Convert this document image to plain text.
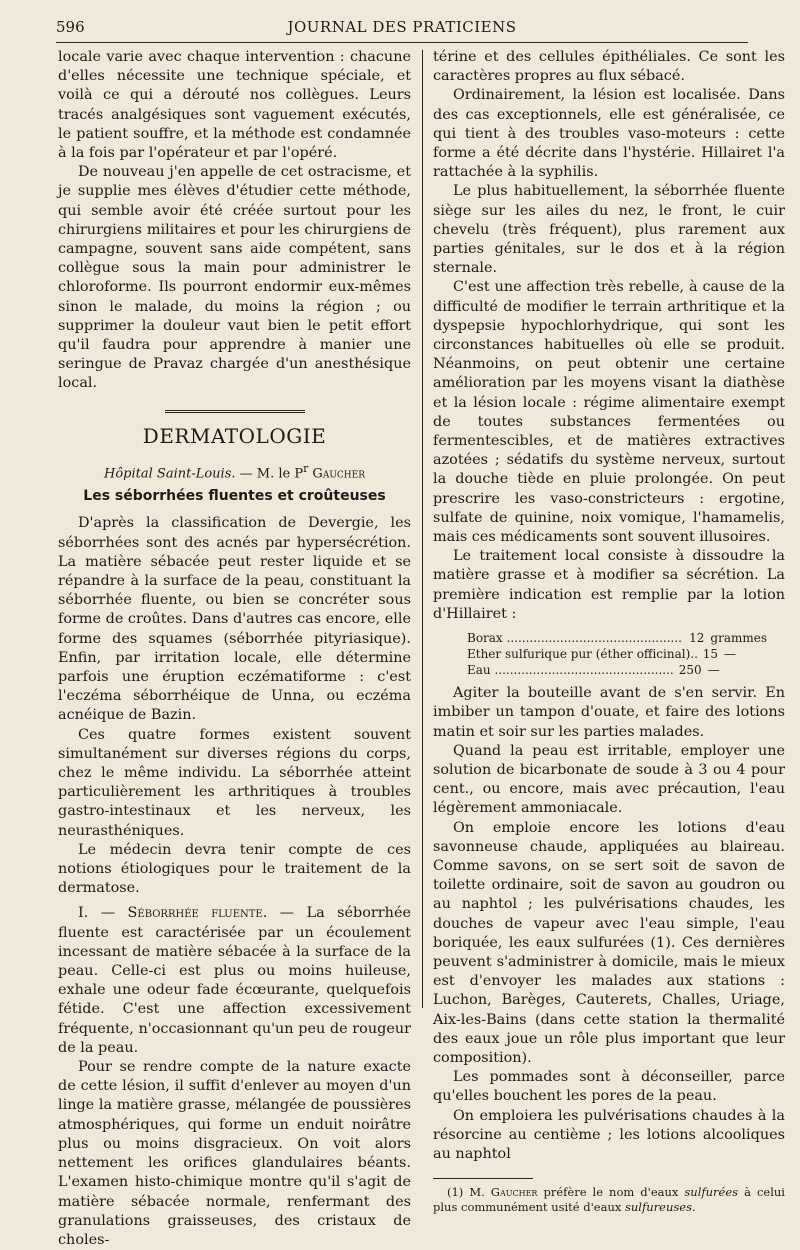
596	JOURNAL DES PRATICIENS

locale varie avec chaque intervention : chacune d'elles nécessite une technique spéciale, et voilà ce qui a dérouté nos collègues. Leurs tracés analgésiques sont vaguement exécutés, le patient souffre, et la méthode est condamnée à la fois par l'opérateur et par l'opéré.

De nouveau j'en appelle de cet ostracisme, et je supplie mes élèves d'étudier cette méthode, qui semble avoir été créée surtout pour les chirurgiens militaires et pour les chirurgiens de campagne, souvent sans aide compétent, sans collègue sous la main pour administrer le chloroforme. Ils pourront endormir eux-mêmes sinon le malade, du moins la région ; ou supprimer la douleur vaut bien le petit effort qu'il faudra pour apprendre à manier une seringue de Pravaz chargée d'un anesthésique local.

DERMATOLOGIE
Hôpital Saint-Louis. — M. le $P^r$ Gaucher
Les séborrhées fluentes et croûteuses

D'après la classification de Devergie, les séborrhées sont des acnés par hypersécrétion. La matière sébacée peut rester liquide et se répandre à la surface de la peau, constituant la séborrhée fluente, ou bien se concréter sous forme de croûtes. Dans d'autres cas encore, elle forme des squames (séborrhée pityriasique). Enfin, par irritation locale, elle détermine parfois une éruption eczématiforme : c'est l'eczéma séborrhéique de Unna, ou eczéma acnéique de Bazin.

Ces quatre formes existent souvent simultanément sur diverses régions du corps, chez le même individu. La séborrhée atteint particulièrement les arthritiques à troubles gastro-intestinaux et les nerveux, les neurasthéniques.

Le médecin devra tenir compte de ces notions étiologiques pour le traitement de la dermatose.

I. — Séborrhée fluente. — La séborrhée fluente est caractérisée par un écoulement incessant de matière sébacée à la surface de la peau. Celle-ci est plus ou moins huileuse, exhale une odeur fade écœurante, quelquefois fétide. C'est une affection excessivement fréquente, n'occasionnant qu'un peu de rougeur de la peau.

Pour se rendre compte de la nature exacte de cette lésion, il suffit d'enlever au moyen d'un linge la matière grasse, mélangée de poussières atmosphériques, qui forme un enduit noirâtre plus ou moins disgracieux. On voit alors nettement les orifices glandulaires béants. L'examen histo-chimique montre qu'il s'agit de matière sébacée normale, renfermant des granulations graisseuses, des cristaux de choles-

térine et des cellules épithéliales. Ce sont les caractères propres au flux sébacé.

Ordinairement, la lésion est localisée. Dans des cas exceptionnels, elle est généralisée, ce qui tient à des troubles vaso-moteurs : cette forme a été décrite dans l'hystérie. Hillairet l'a rattachée à la syphilis.

Le plus habituellement, la séborrhée fluente siège sur les ailes du nez, le front, le cuir chevelu (très fréquent), plus rarement aux parties génitales, sur le dos et à la région sternale.

C'est une affection très rebelle, à cause de la difficulté de modifier le terrain arthritique et la dyspepsie hypochlorhydrique, qui sont les circonstances habituelles où elle se produit. Néanmoins, on peut obtenir une certaine amélioration par les moyens visant la diathèse et la lésion locale : régime alimentaire exempt de toutes substances fermentées ou fermentescibles, et de matières extractives azotées ; sédatifs du système nerveux, surtout la douche tiède en pluie prolongée. On peut prescrire les vaso-constricteurs : ergotine, sulfate de quinine, noix vomique, l'hamamelis, mais ces médicaments sont souvent illusoires.

Le traitement local consiste à dissoudre la matière grasse et à modifier sa sécrétion. La première indication est remplie par la lotion d'Hillairet :

Borax .............................................. 12 grammes
Ether sulfurique pur (éther officinal).. 15 —
Eau ............................................... 250 —

Agiter la bouteille avant de s'en servir. En imbiber un tampon d'ouate, et faire des lotions matin et soir sur les parties malades.

Quand la peau est irritable, employer une solution de bicarbonate de soude à 3 ou 4 pour cent., ou encore, mais avec précaution, l'eau légèrement ammoniacale.

On emploie encore les lotions d'eau savonneuse chaude, appliquées au blaireau. Comme savons, on se sert soit de savon de toilette ordinaire, soit de savon au goudron ou au naphtol ; les pulvérisations chaudes, les douches de vapeur avec l'eau simple, l'eau boriquée, les eaux sulfurées (1). Ces dernières peuvent s'administrer à domicile, mais le mieux est d'envoyer les malades aux stations : Luchon, Barèges, Cauterets, Challes, Uriage, Aix-les-Bains (dans cette station la thermalité des eaux joue un rôle plus important que leur composition).

Les pommades sont à déconseiller, parce qu'elles bouchent les pores de la peau.

On emploiera les pulvérisations chaudes à la résorcine au centième ; les lotions alcooliques au naphtol

(1) M. Gaucher préfère le nom d'eaux sulfurées à celui plus communément usité d'eaux sulfureuses.
